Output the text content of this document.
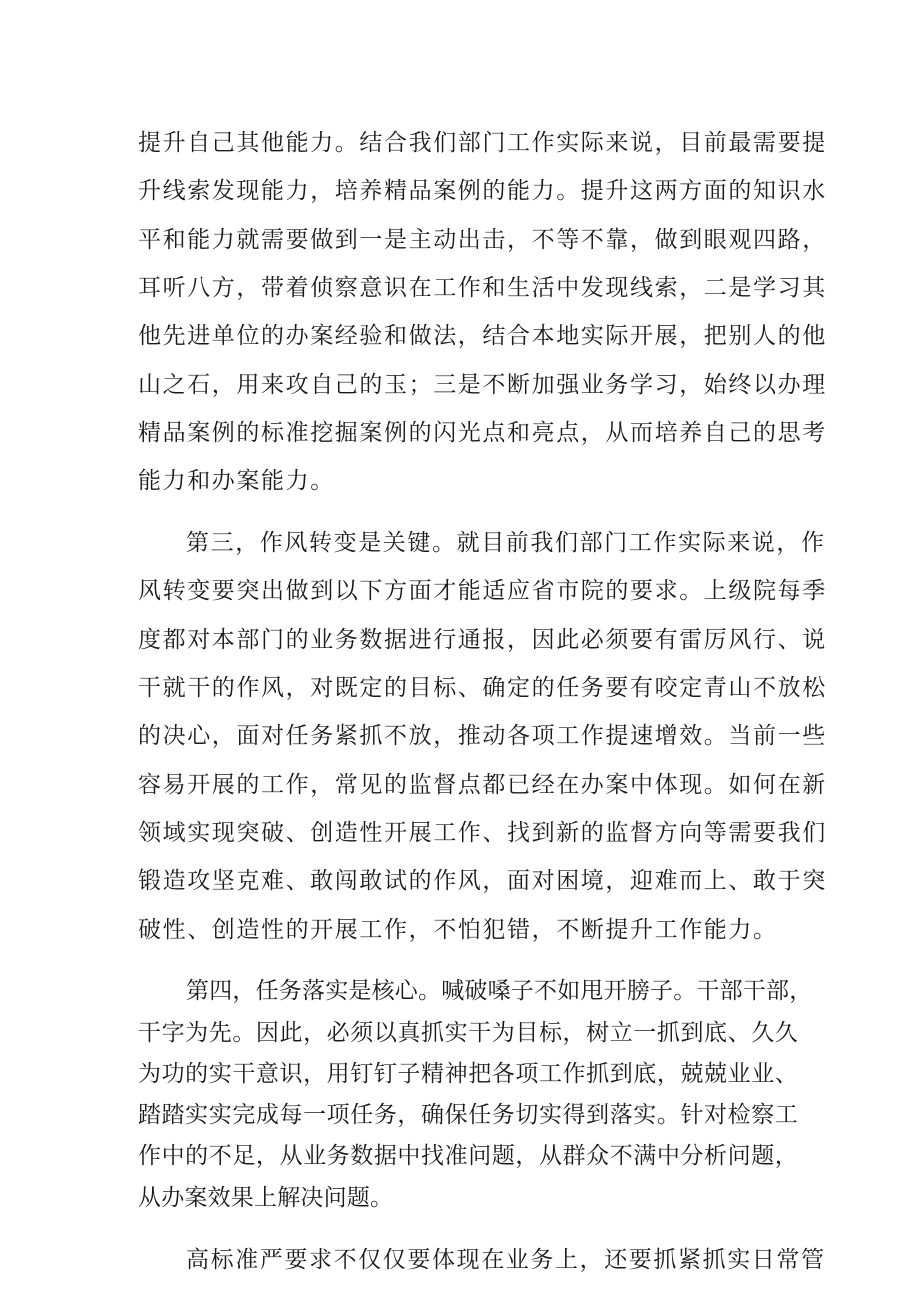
提升自己其他能力。结合我们部门工作实际来说，目前最需要提
升线索发现能力，培养精品案例的能力。提升这两方面的知识水
平和能力就需要做到一是主动出击，不等不靠，做到眼观四路，
耳听八方，带着侦察意识在工作和生活中发现线索，二是学习其
他先进单位的办案经验和做法，结合本地实际开展，把别人的他
山之石，用来攻自己的玉；三是不断加强业务学习，始终以办理
精品案例的标准挖掘案例的闪光点和亮点，从而培养自己的思考
能力和办案能力。
第三，作风转变是关键。就目前我们部门工作实际来说，作
风转变要突出做到以下方面才能适应省市院的要求。上级院每季
度都对本部门的业务数据进行通报，因此必须要有雷厉风行、说
干就干的作风，对既定的目标、确定的任务要有咬定青山不放松
的决心，面对任务紧抓不放，推动各项工作提速增效。当前一些
容易开展的工作，常见的监督点都已经在办案中体现。如何在新
领域实现突破、创造性开展工作、找到新的监督方向等需要我们
锻造攻坚克难、敢闯敢试的作风，面对困境，迎难而上、敢于突
破性、创造性的开展工作，不怕犯错，不断提升工作能力。
第四，任务落实是核心。喊破嗓子不如甩开膀子。干部干部，
干字为先。因此，必须以真抓实干为目标，树立一抓到底、久久
为功的实干意识，用钉钉子精神把各项工作抓到底，兢兢业业、
踏踏实实完成每一项任务，确保任务切实得到落实。针对检察工
作中的不足，从业务数据中找准问题，从群众不满中分析问题，
从办案效果上解决问题。
高标准严要求不仅仅要体现在业务上，还要抓紧抓实日常管
